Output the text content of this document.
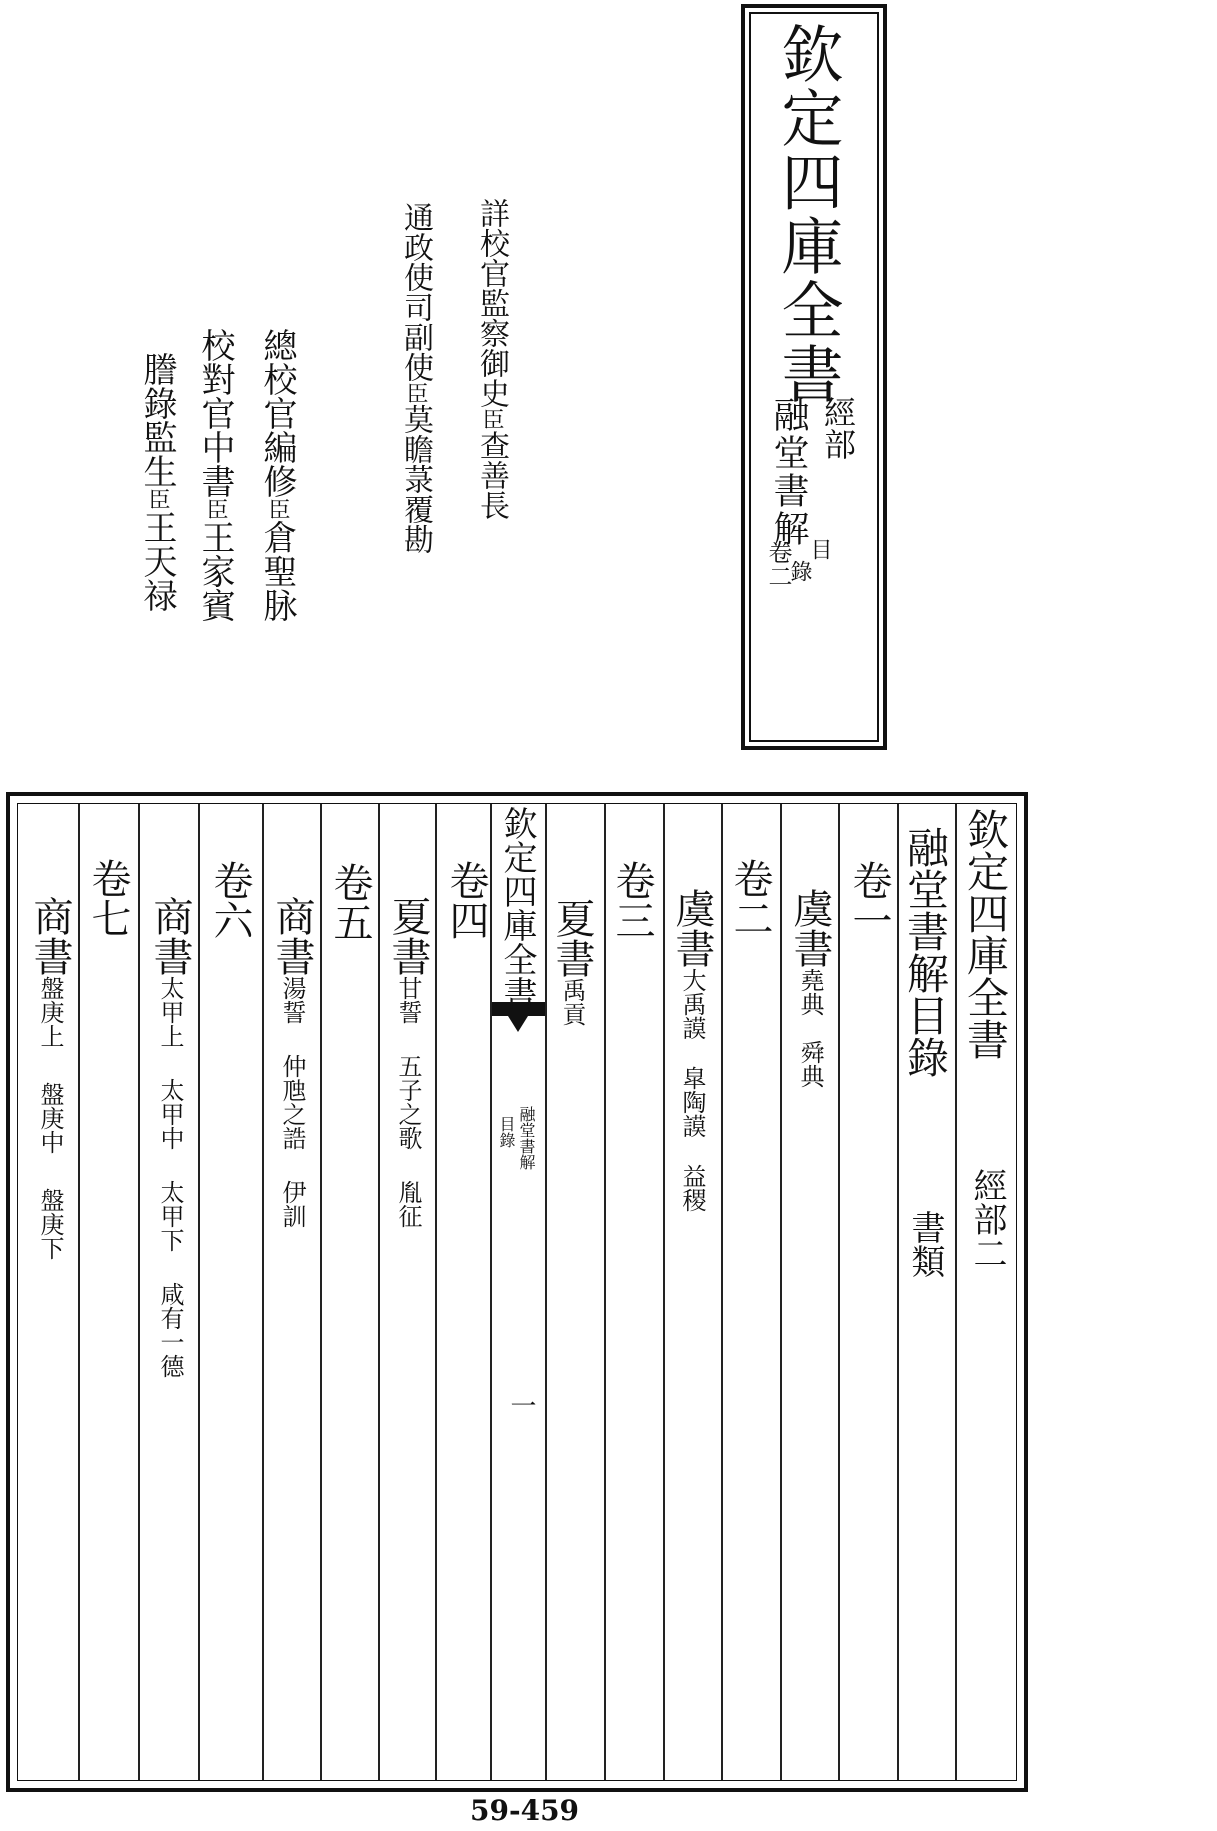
欽定四庫全書
經部
融堂書解
目
錄
卷二
詳校官監察御史臣查善長
通政使司副使臣莫瞻菉覆勘
總校官編修臣倉聖脉
校對官中書臣王家賓
謄錄監生臣王天禄
欽定四庫全書
經部二
融堂書解目錄
書類
欽定四庫全書
融堂書解
目錄
一
卷一
虞書堯典舜典
卷二
虞書大禹謨皐陶謨益稷
卷三
夏書禹貢
卷四
夏書甘誓五子之歌胤征
卷五
商書湯誓仲虺之誥伊訓
卷六
商書太甲上太甲中太甲下咸有一德
卷七
商書盤庚上盤庚中盤庚下
59-459
